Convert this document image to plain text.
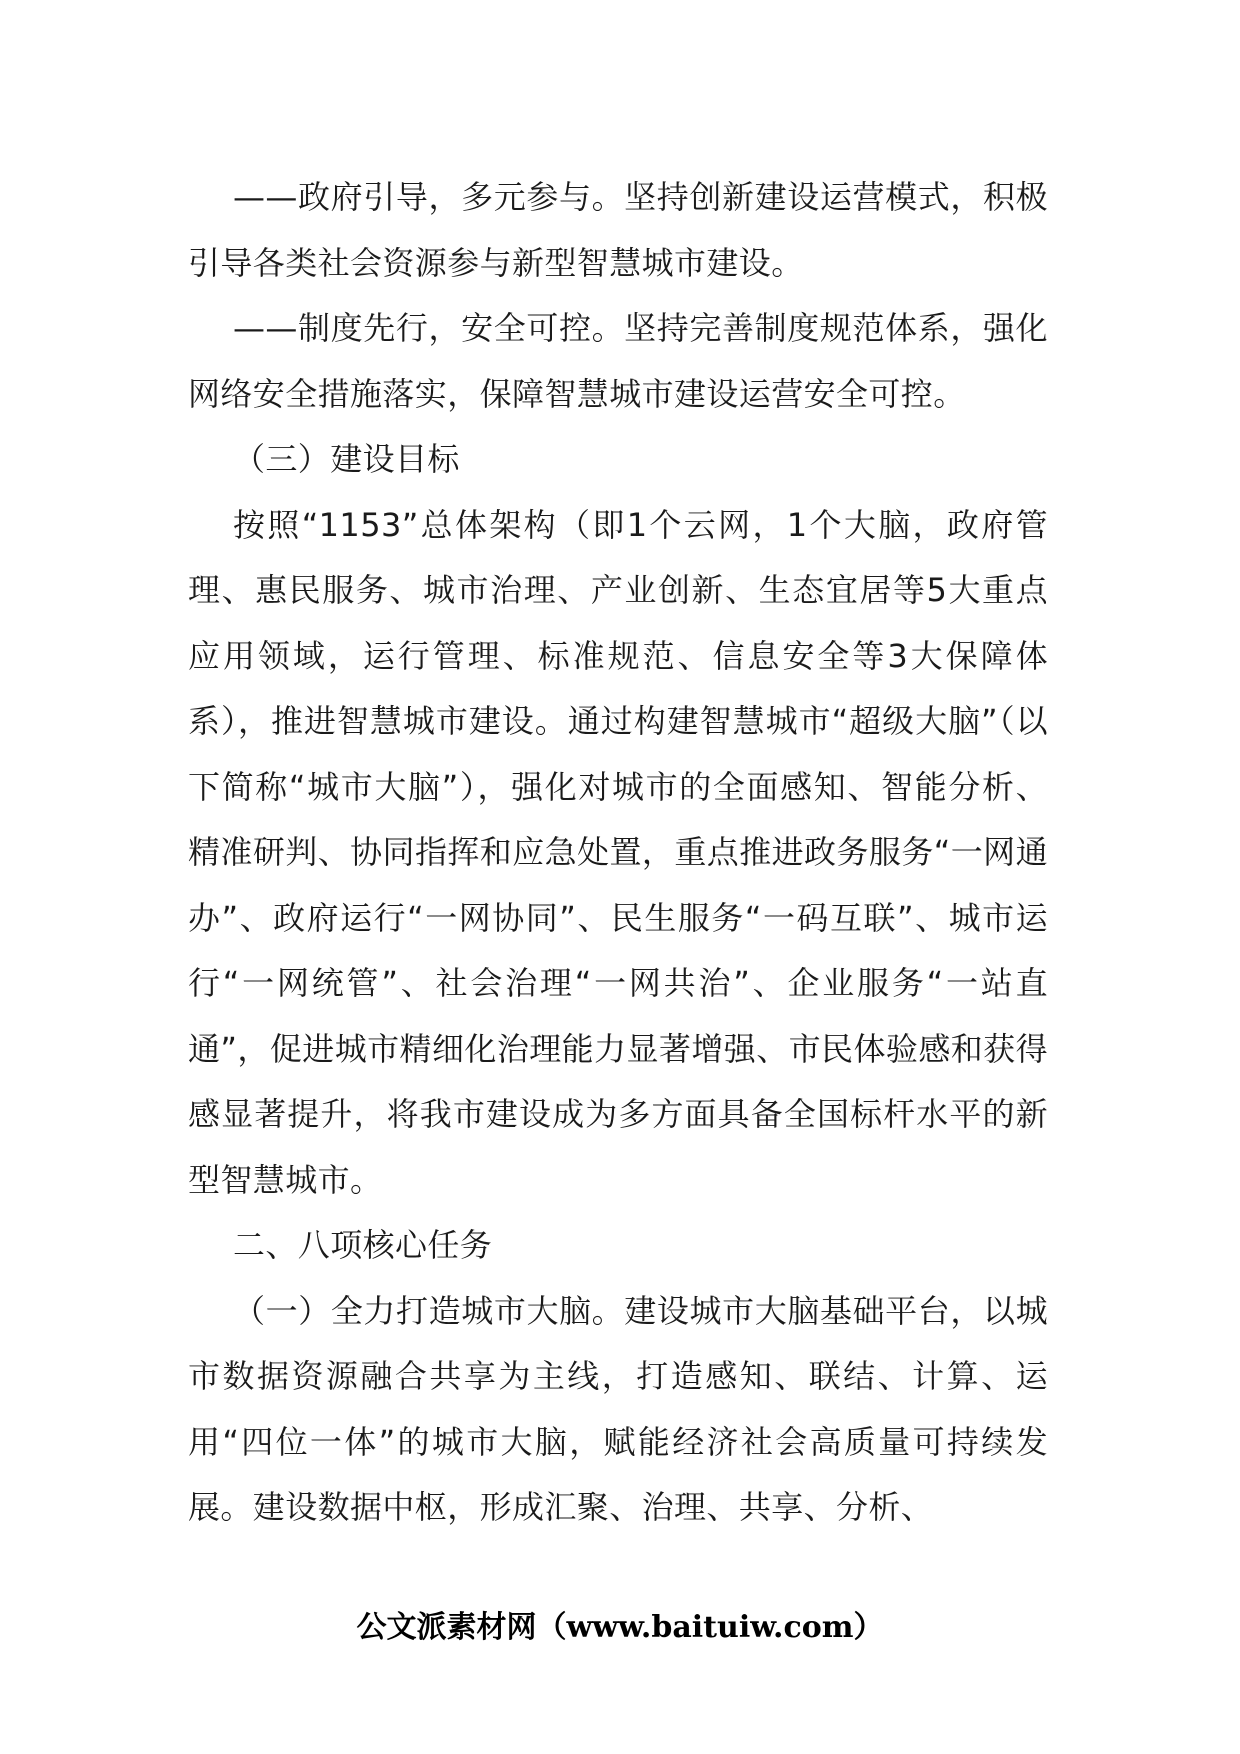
——政府引导，多元参与。坚持创新建设运营模式，积极引导各类社会资源参与新型智慧城市建设。

——制度先行，安全可控。坚持完善制度规范体系，强化网络安全措施落实，保障智慧城市建设运营安全可控。

（三）建设目标

按照“1153”总体架构（即1个云网，1个大脑，政府管理、惠民服务、城市治理、产业创新、生态宜居等5大重点应用领域，运行管理、标准规范、信息安全等3大保障体系），推进智慧城市建设。通过构建智慧城市“超级大脑”（以下简称“城市大脑”），强化对城市的全面感知、智能分析、精准研判、协同指挥和应急处置，重点推进政务服务“一网通办”、政府运行“一网协同”、民生服务“一码互联”、城市运行“一网统管”、社会治理“一网共治”、企业服务“一站直通”，促进城市精细化治理能力显著增强、市民体验感和获得感显著提升，将我市建设成为多方面具备全国标杆水平的新型智慧城市。

二、八项核心任务

（一）全力打造城市大脑。建设城市大脑基础平台，以城市数据资源融合共享为主线，打造感知、联结、计算、运用“四位一体”的城市大脑，赋能经济社会高质量可持续发展。建设数据中枢，形成汇聚、治理、共享、分析、

公文派素材网（www.baituiw.com）
